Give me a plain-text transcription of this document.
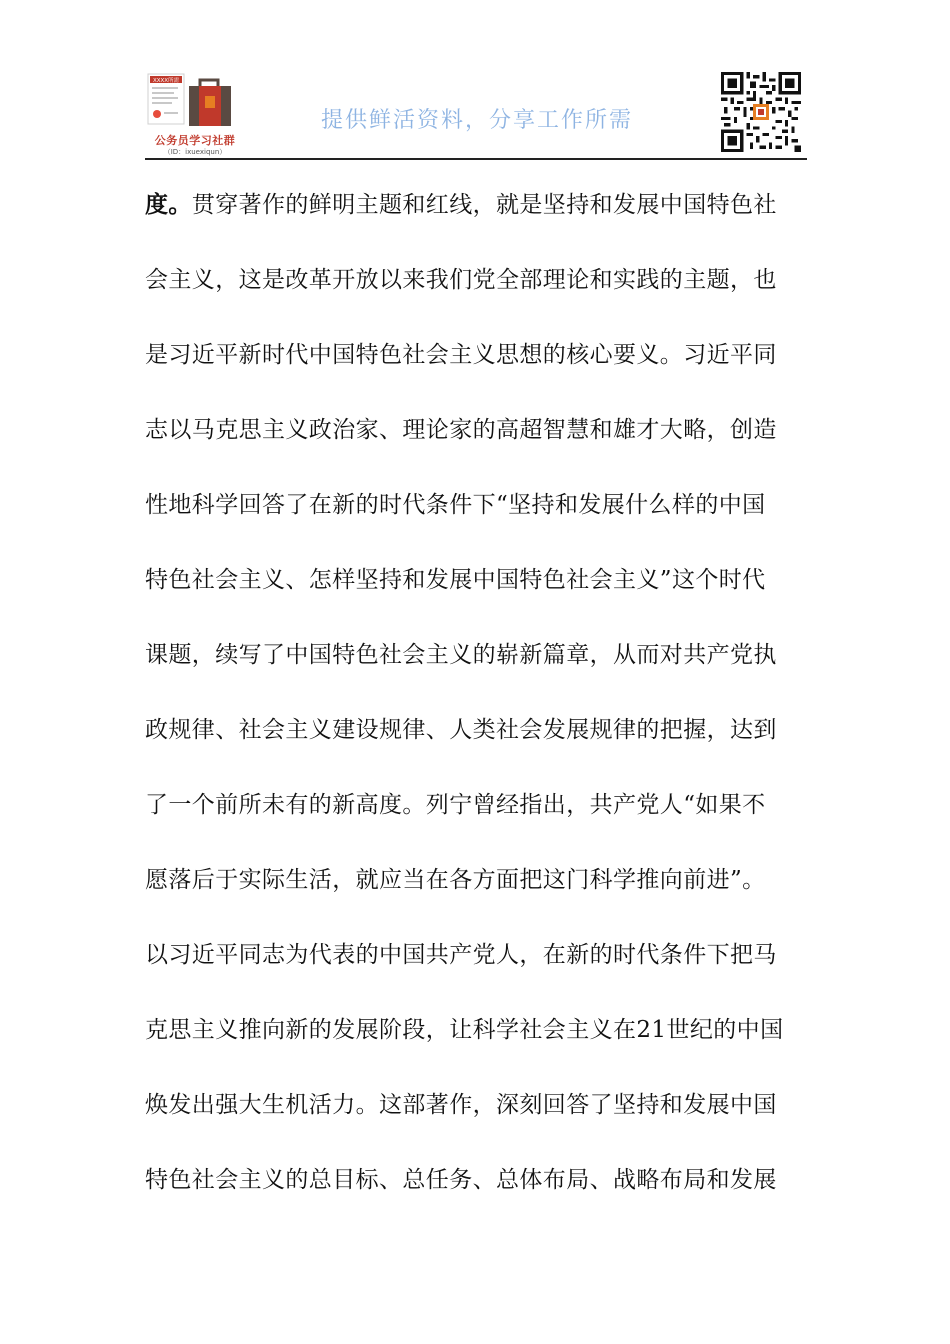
XXXX所需
公务员学习社群
（ID：ixuexiqun）
提供鲜活资料，分享工作所需
度。贯穿著作的鲜明主题和红线，就是坚持和发展中国特色社
会主义，这是改革开放以来我们党全部理论和实践的主题，也
是习近平新时代中国特色社会主义思想的核心要义。习近平同
志以马克思主义政治家、理论家的高超智慧和雄才大略，创造
性地科学回答了在新的时代条件下“坚持和发展什么样的中国
特色社会主义、怎样坚持和发展中国特色社会主义”这个时代
课题，续写了中国特色社会主义的崭新篇章，从而对共产党执
政规律、社会主义建设规律、人类社会发展规律的把握，达到
了一个前所未有的新高度。列宁曾经指出，共产党人“如果不
愿落后于实际生活，就应当在各方面把这门科学推向前进”。
以习近平同志为代表的中国共产党人，在新的时代条件下把马
克思主义推向新的发展阶段，让科学社会主义在21世纪的中国
焕发出强大生机活力。这部著作，深刻回答了坚持和发展中国
特色社会主义的总目标、总任务、总体布局、战略布局和发展
